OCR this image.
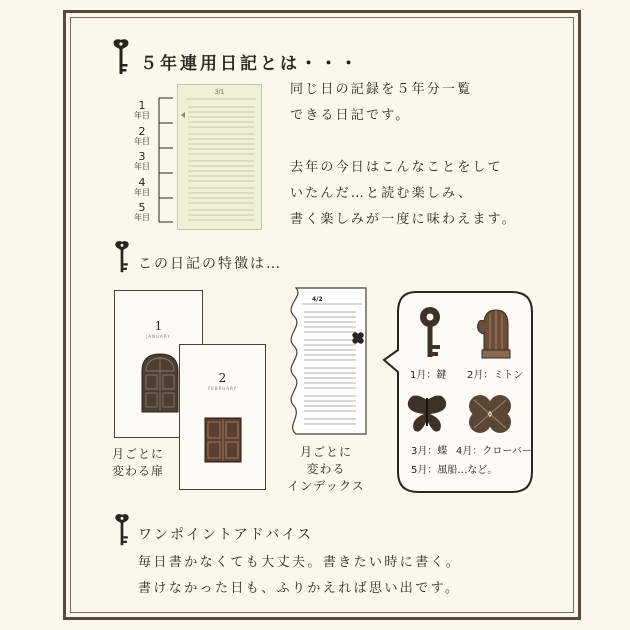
５年連用日記とは・・・
1
年目
2
年目
3
年目
4
年目
5
年目
3/1	同じ日の記録を５年分一覧
できる日記です。
去年の今日はこんなことをして
いたんだ…と読む楽しみ、
書く楽しみが一度に味わえます。
この日記の特徴は…
1
JANUARY
2
FEBRUARY
月ごとに
変わる扉
4/2
月ごとに
変わる
インデックス
1月：鍵 2月：ミトン
3月：蝶 4月：クローバー
5月：風船…など。
ワンポイントアドバイス
毎日書かなくても大丈夫。書きたい時に書く。
書けなかった日も、ふりかえれば思い出です。
